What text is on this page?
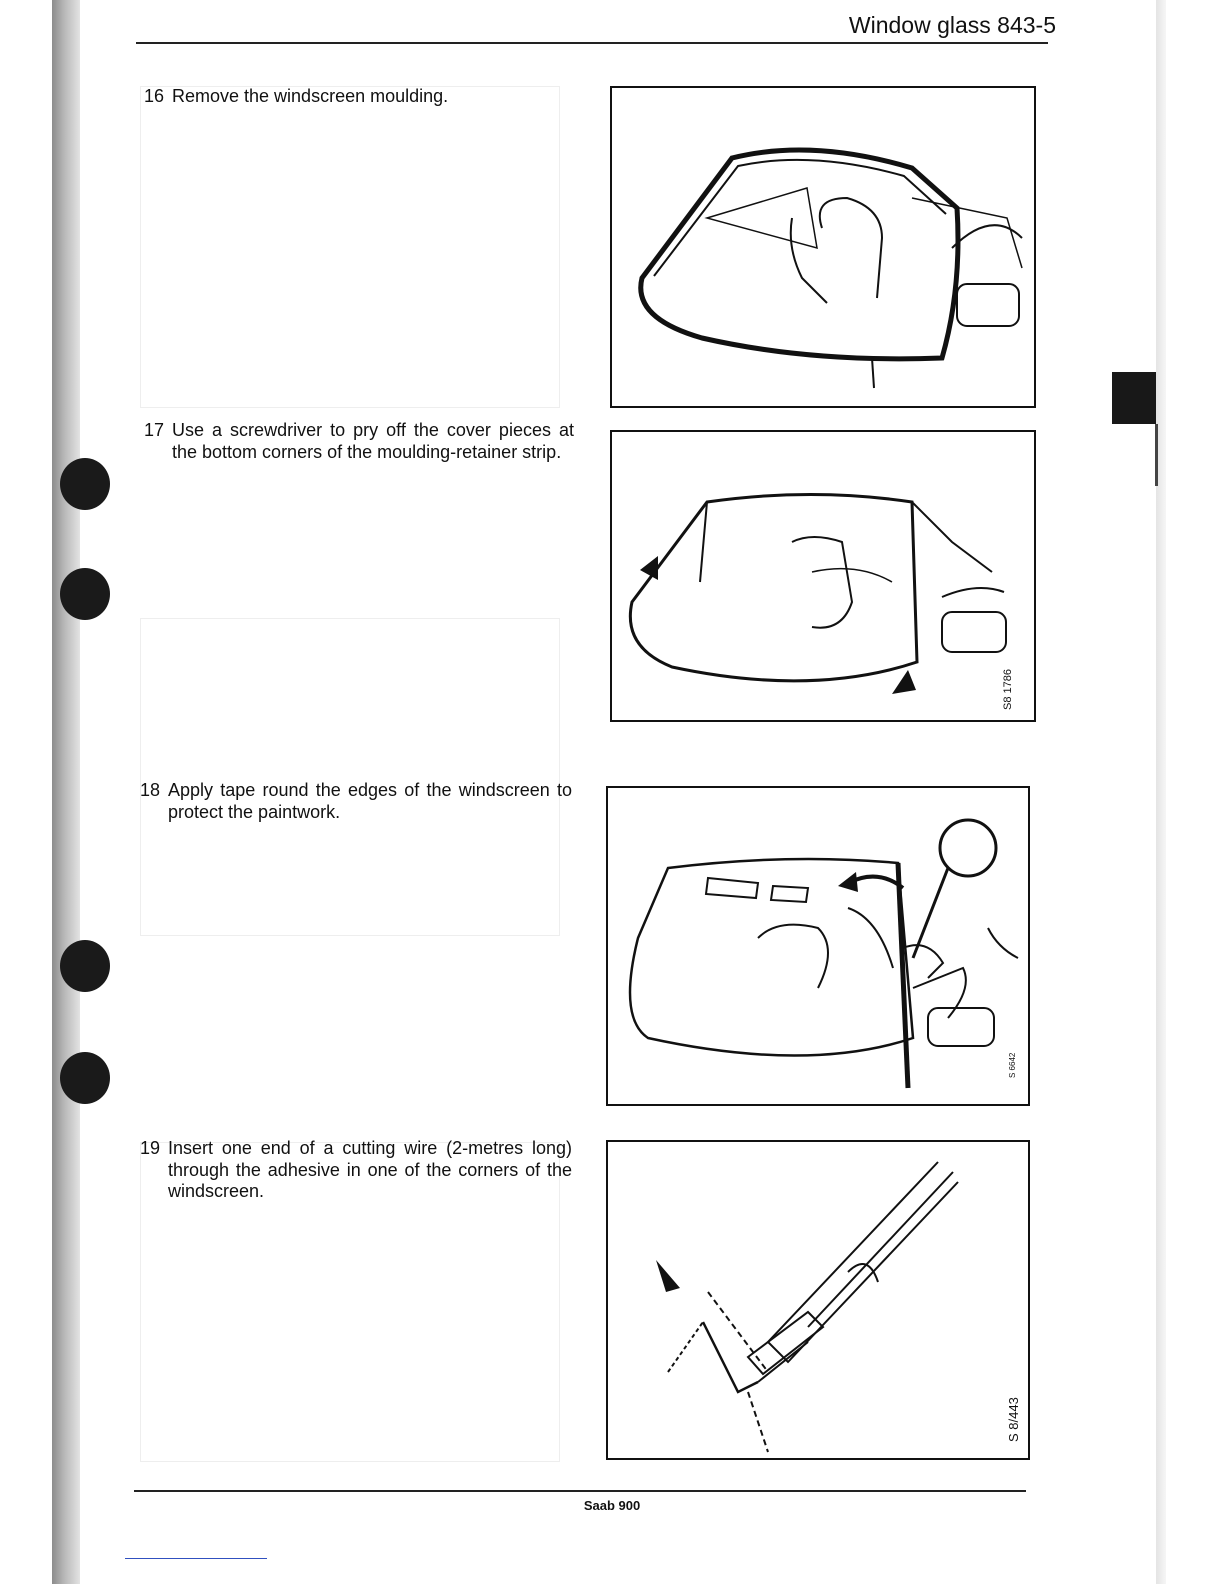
Window glass 843-5
16 Remove the windscreen moulding.
17 Use a screwdriver to pry off the cover pieces at the bottom corners of the moulding-retainer strip.
18 Apply tape round the edges of the windscreen to protect the paintwork.
19 Insert one end of a cutting wire (2-metres long) through the adhesive in one of the corners of the windscreen.
S8 1786
S 6642
S 8/443
Saab 900
